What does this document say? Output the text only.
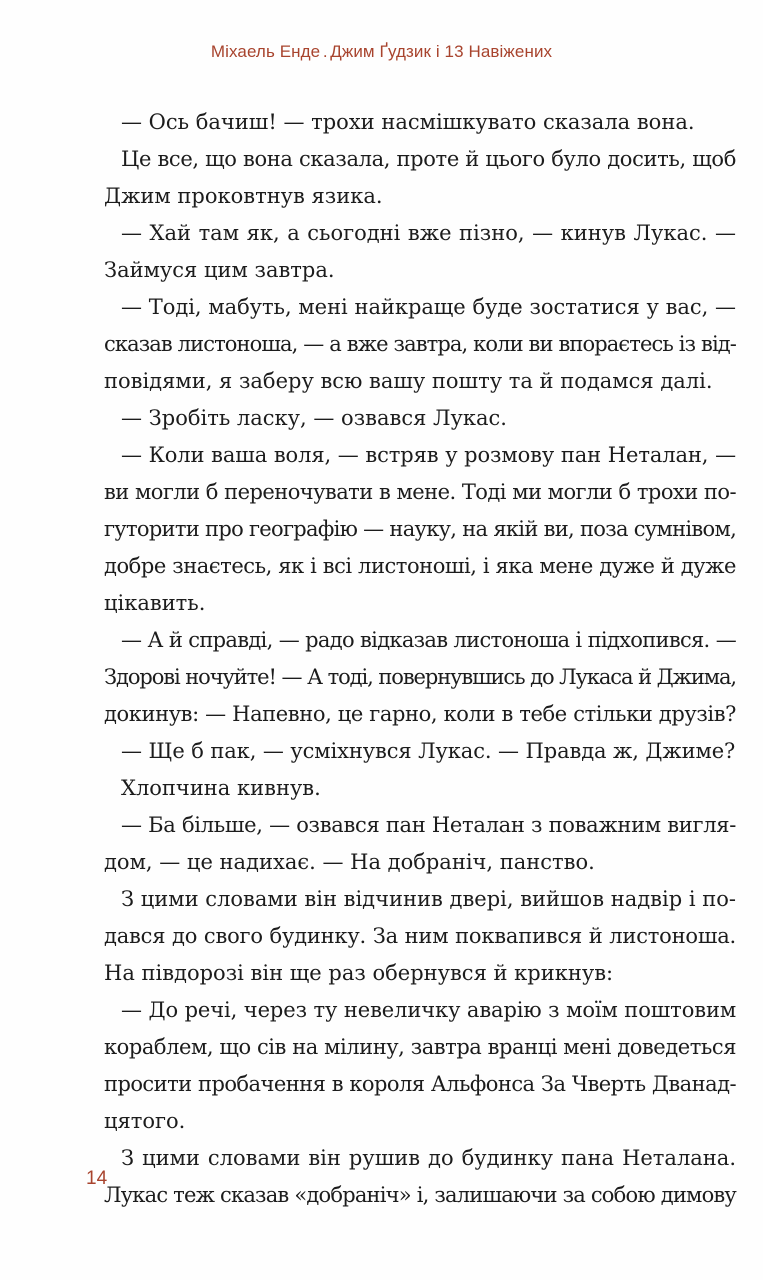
Міхаель Енде . Джим Ґудзик і 13 Навіжених
— Ось бачиш! — трохи насмішкувато сказала вона.
Це все, що вона сказала, проте й цього було досить, щоб
Джим проковтнув язика.
— Хай там як, а сьогодні вже пізно, — кинув Лукас. —
Займуся цим завтра.
— Тоді, мабуть, мені найкраще буде зостатися у вас, —
сказав листоноша, — а вже завтра, коли ви впораєтесь із від-
повідями, я заберу всю вашу пошту та й подамся далі.
— Зробіть ласку, — озвався Лукас.
— Коли ваша воля, — встряв у розмову пан Неталан, —
ви могли б переночувати в мене. Тоді ми могли б трохи по-
гуторити про географію — науку, на якій ви, поза сумнівом,
добре знаєтесь, як і всі листоноші, і яка мене дуже й дуже
цікавить.
— А й справді, — радо відказав листоноша і підхопився. —
Здорові ночуйте! — А тоді, повернувшись до Лукаса й Джима,
докинув: — Напевно, це гарно, коли в тебе стільки друзів?
— Ще б пак, — усміхнувся Лукас. — Правда ж, Джиме?
Хлопчина кивнув.
— Ба більше, — озвався пан Неталан з поважним вигля-
дом, — це надихає. — На добраніч, панство.
З цими словами він відчинив двері, вийшов надвір і по-
дався до свого будинку. За ним поквапився й листоноша.
На півдорозі він ще раз обернувся й крикнув:
— До речі, через ту невеличку аварію з моїм поштовим
кораблем, що сів на мілину, завтра вранці мені доведеться
просити пробачення в короля Альфонса За Чверть Дванад-
цятого.
З цими словами він рушив до будинку пана Неталана.
Лукас теж сказав «добраніч» і, залишаючи за собою димову
14
